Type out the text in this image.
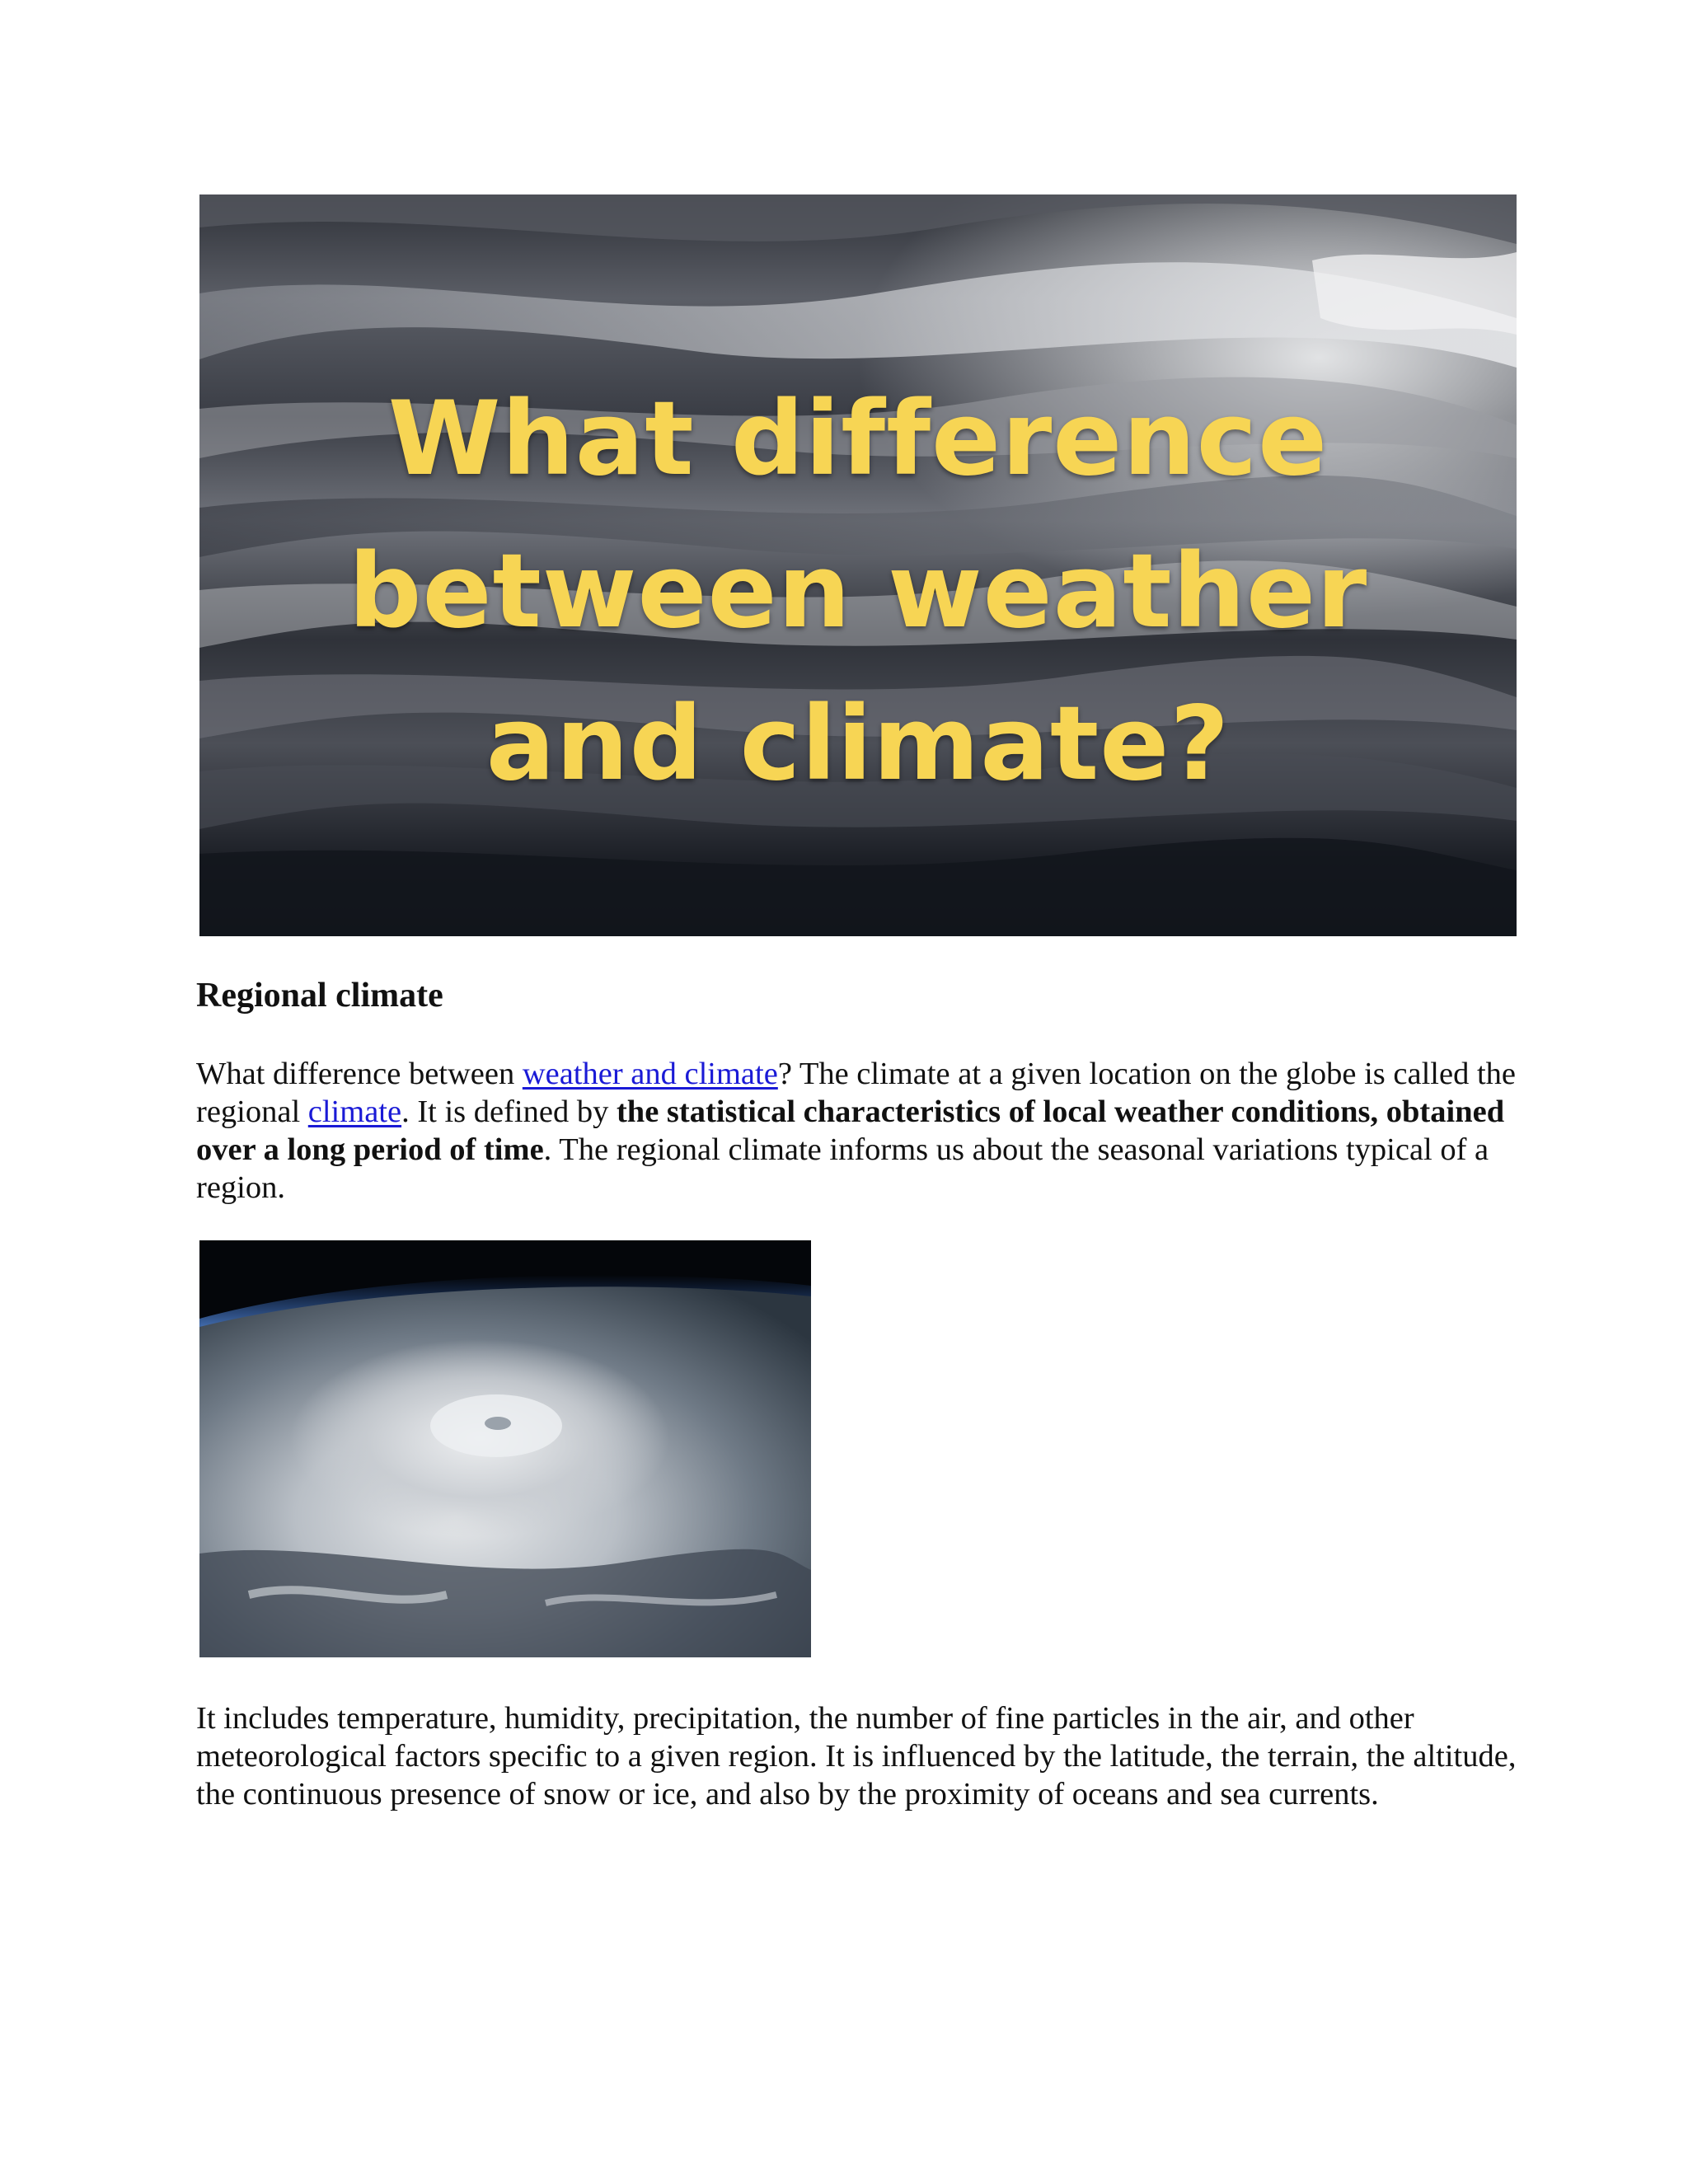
What difference
between weather
and climate?
Regional climate

What difference between weather and climate? The climate at a given location on the globe is called the regional climate. It is defined by the statistical characteristics of local weather conditions, obtained over a long period of time. The regional climate informs us about the seasonal variations typical of a region.

It includes temperature, humidity, precipitation, the number of fine particles in the air, and other meteorological factors specific to a given region. It is influenced by the latitude, the terrain, the altitude, the continuous presence of snow or ice, and also by the proximity of oceans and sea currents.
